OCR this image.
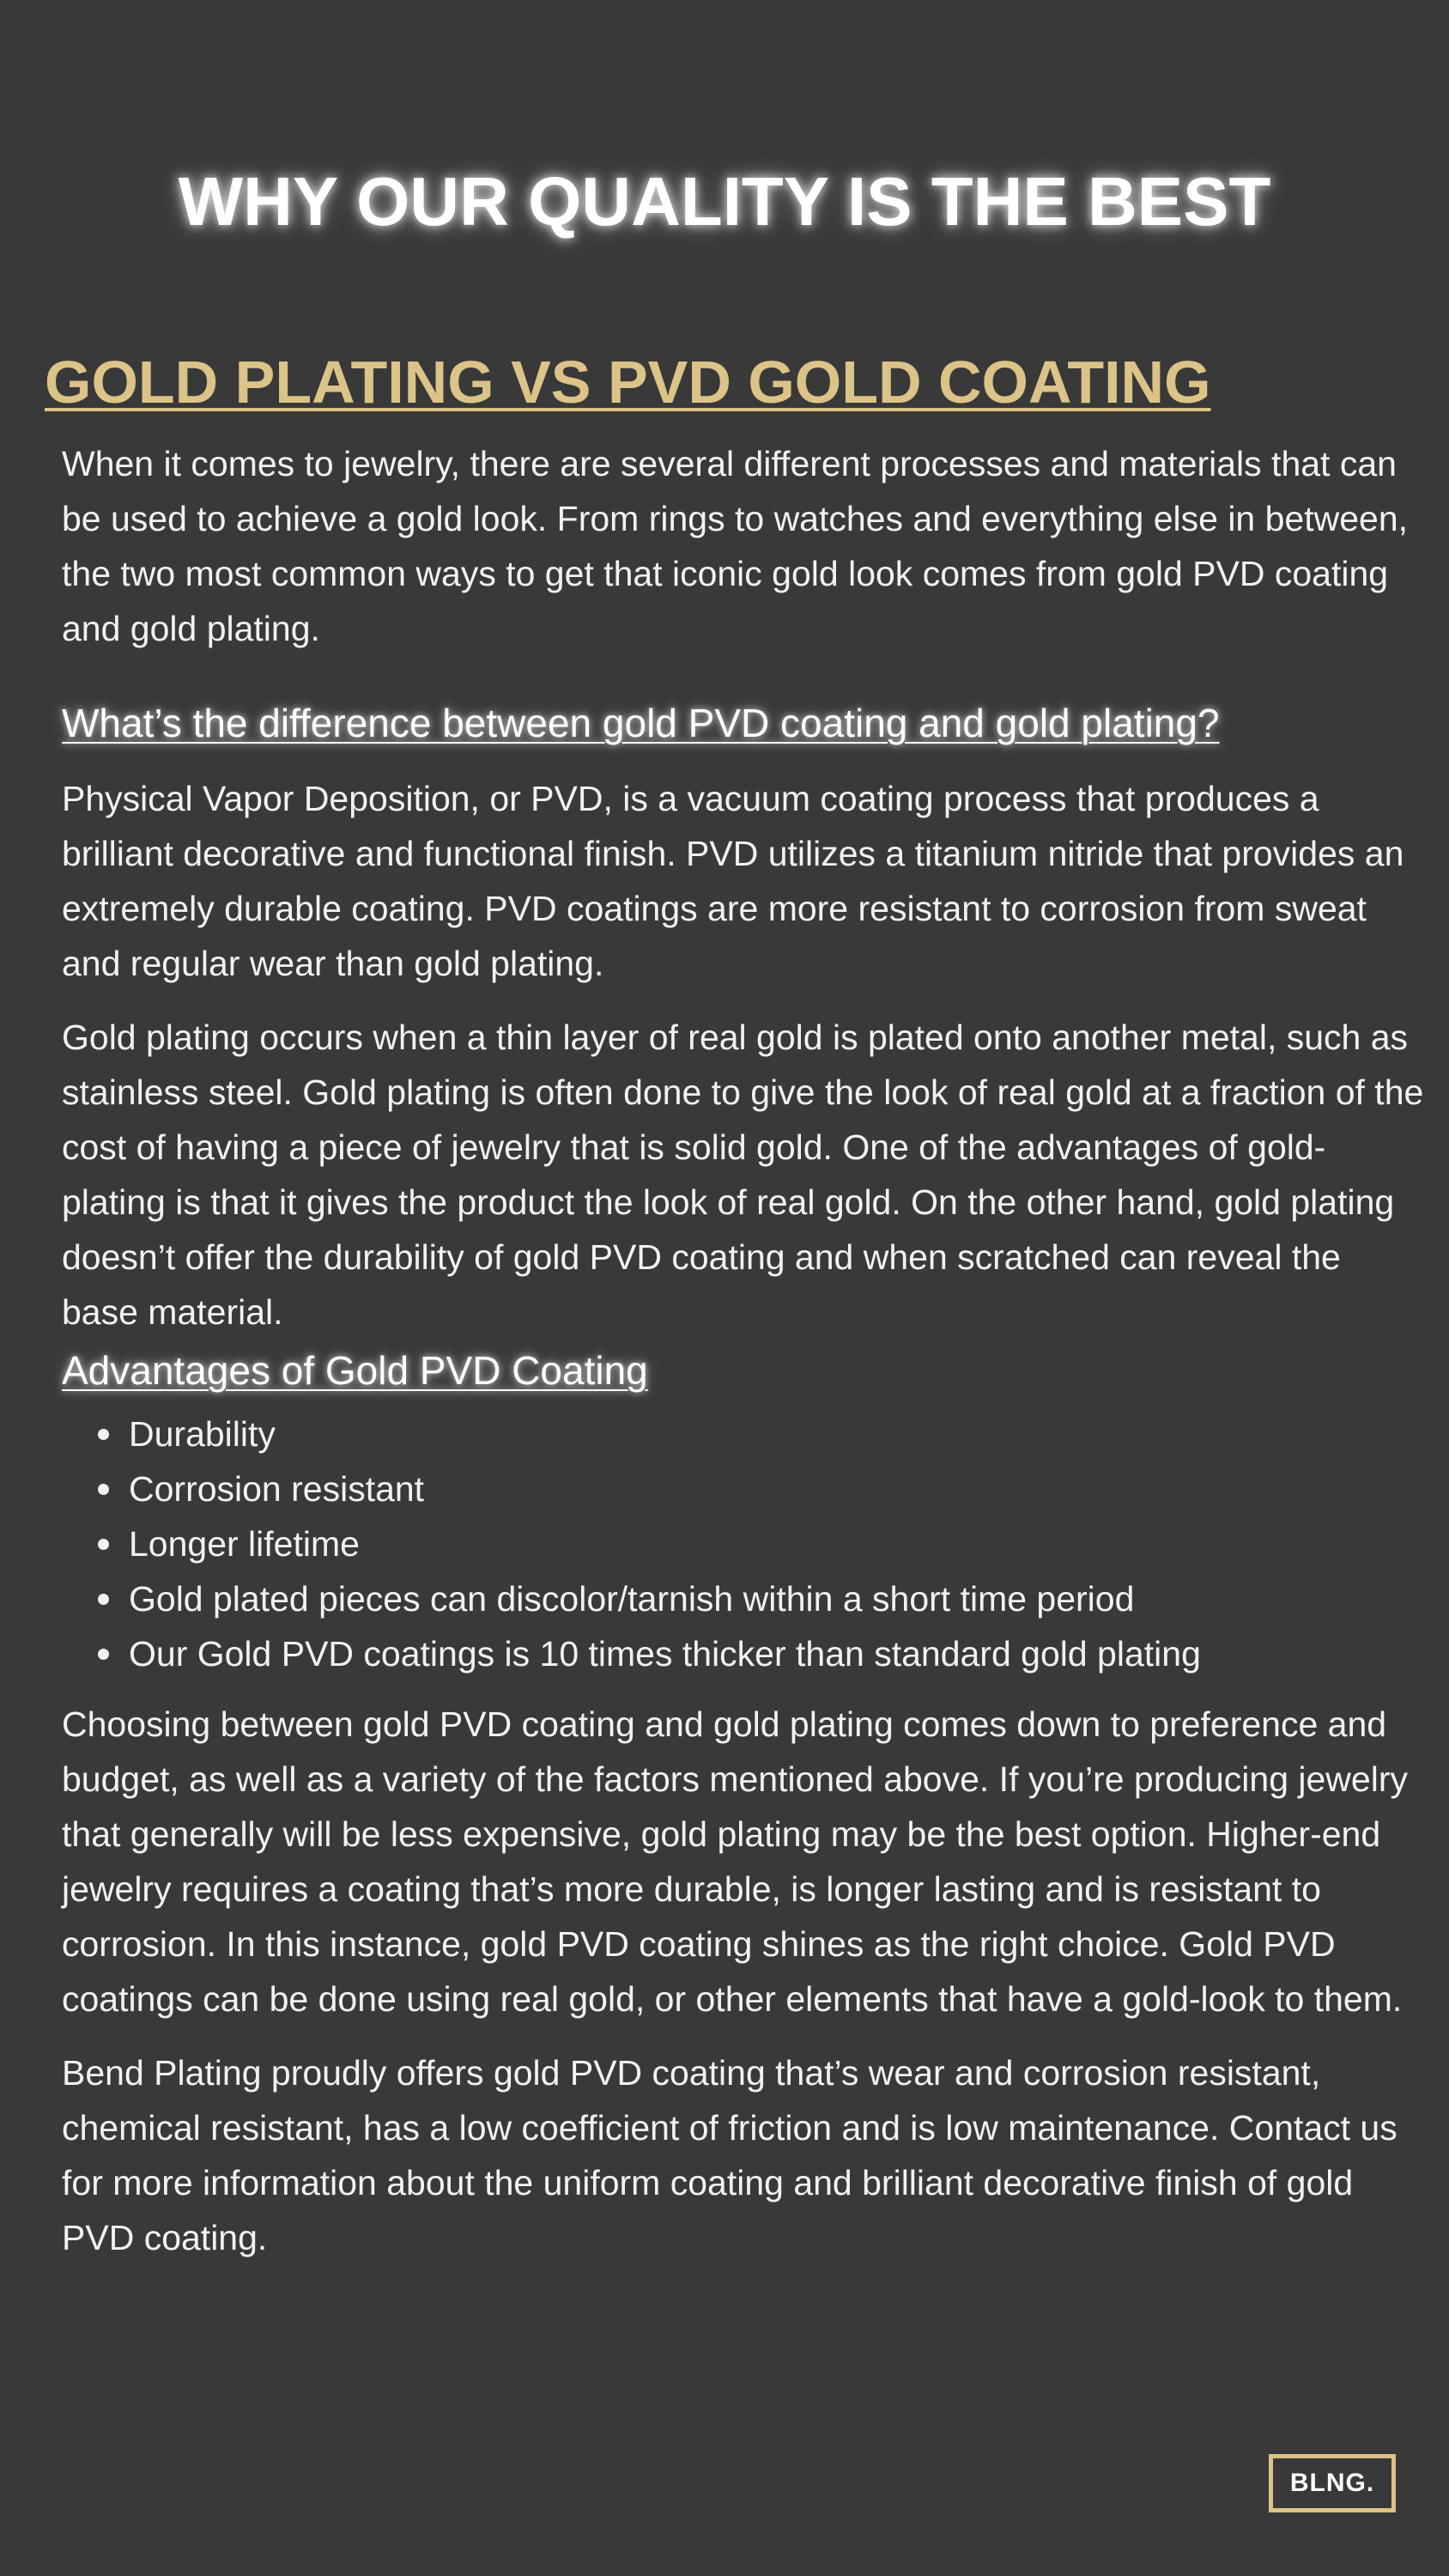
WHY OUR QUALITY IS THE BEST
GOLD PLATING VS PVD GOLD COATING

When it comes to jewelry, there are several different processes and materials that can be used to achieve a gold look. From rings to watches and everything else in between, the two most common ways to get that iconic gold look comes from gold PVD coating and gold plating.

What’s the difference between gold PVD coating and gold plating?

Physical Vapor Deposition, or PVD, is a vacuum coating process that produces a brilliant decorative and functional finish. PVD utilizes a titanium nitride that provides an extremely durable coating. PVD coatings are more resistant to corrosion from sweat and regular wear than gold plating.

Gold plating occurs when a thin layer of real gold is plated onto another metal, such as stainless steel. Gold plating is often done to give the look of real gold at a fraction of the cost of having a piece of jewelry that is solid gold. One of the advantages of gold-plating is that it gives the product the look of real gold. On the other hand, gold plating doesn’t offer the durability of gold PVD coating and when scratched can reveal the base material.

Advantages of Gold PVD Coating
Durability
Corrosion resistant
Longer lifetime
Gold plated pieces can discolor/tarnish within a short time period
Our Gold PVD coatings is 10 times thicker than standard gold plating

Choosing between gold PVD coating and gold plating comes down to preference and budget, as well as a variety of the factors mentioned above. If you’re producing jewelry that generally will be less expensive, gold plating may be the best option. Higher-end jewelry requires a coating that’s more durable, is longer lasting and is resistant to corrosion. In this instance, gold PVD coating shines as the right choice. Gold PVD coatings can be done using real gold, or other elements that have a gold-look to them.

Bend Plating proudly offers gold PVD coating that’s wear and corrosion resistant, chemical resistant, has a low coefficient of friction and is low maintenance. Contact us for more information about the uniform coating and brilliant decorative finish of gold PVD coating.

BLNG.
